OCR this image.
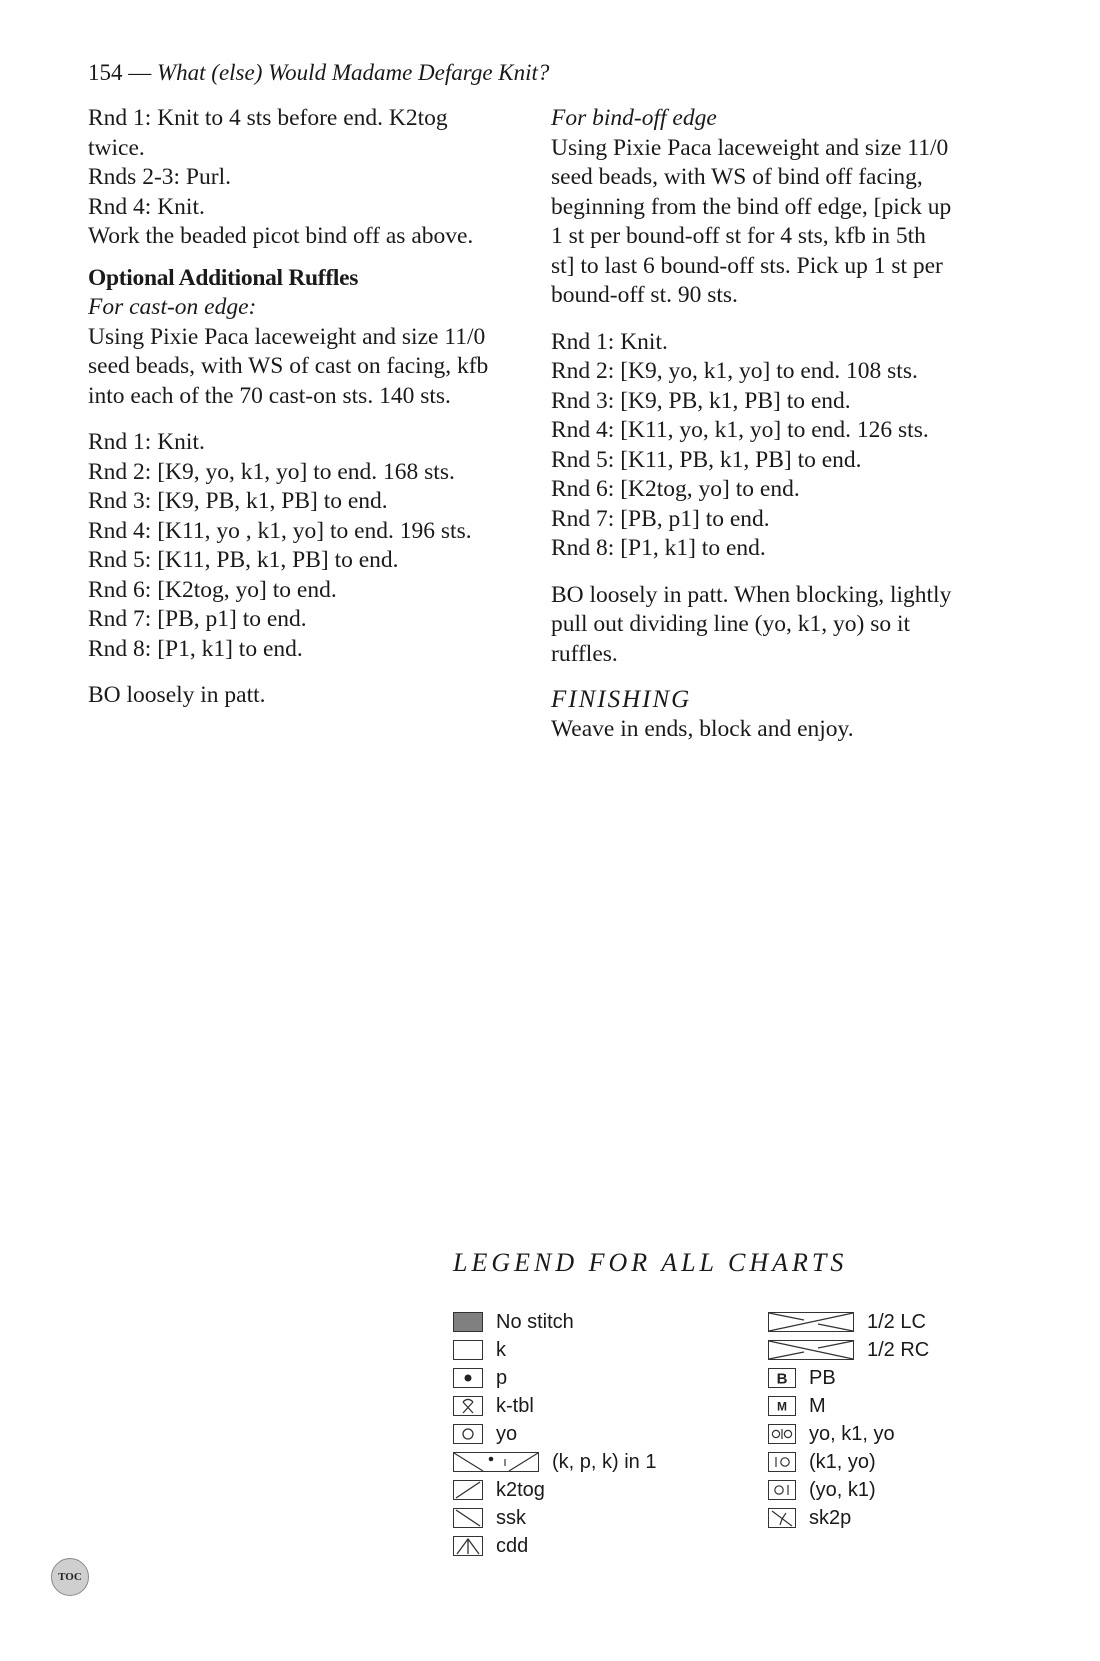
154 — What (else) Would Madame Defarge Knit?
Rnd 1: Knit to 4 sts before end. K2tog
twice.
Rnds 2-3: Purl.
Rnd 4: Knit.
Work the beaded picot bind off as above.
Optional Additional Ruffles
For cast-on edge:
Using Pixie Paca laceweight and size 11/0
seed beads, with WS of cast on facing, kfb
into each of the 70 cast-on sts. 140 sts.
Rnd 1: Knit.
Rnd 2: [K9, yo, k1, yo] to end. 168 sts.
Rnd 3: [K9, PB, k1, PB] to end.
Rnd 4: [K11, yo , k1, yo] to end. 196 sts.
Rnd 5: [K11, PB, k1, PB] to end.
Rnd 6: [K2tog, yo] to end.
Rnd 7: [PB, p1] to end.
Rnd 8: [P1, k1] to end.
BO loosely in patt.
For bind-off edge
Using Pixie Paca laceweight and size 11/0
seed beads, with WS of bind off facing,
beginning from the bind off edge, [pick up
1 st per bound-off st for 4 sts, kfb in 5th
st] to last 6 bound-off sts. Pick up 1 st per
bound-off st. 90 sts.
Rnd 1: Knit.
Rnd 2: [K9, yo, k1, yo] to end. 108 sts.
Rnd 3: [K9, PB, k1, PB] to end.
Rnd 4: [K11, yo, k1, yo] to end. 126 sts.
Rnd 5: [K11, PB, k1, PB] to end.
Rnd 6: [K2tog, yo] to end.
Rnd 7: [PB, p1] to end.
Rnd 8: [P1, k1] to end.
BO loosely in patt. When blocking, lightly
pull out dividing line (yo, k1, yo) so it
ruffles.
FINISHING
Weave in ends, block and enjoy.
LEGEND FOR ALL CHARTS
No stitch
k
p
k-tbl
yo
(k, p, k) in 1
k2tog
ssk
cdd
1/2 LC
1/2 RC
B PB
M M
yo, k1, yo
(k1, yo)
(yo, k1)
sk2p
TOC
